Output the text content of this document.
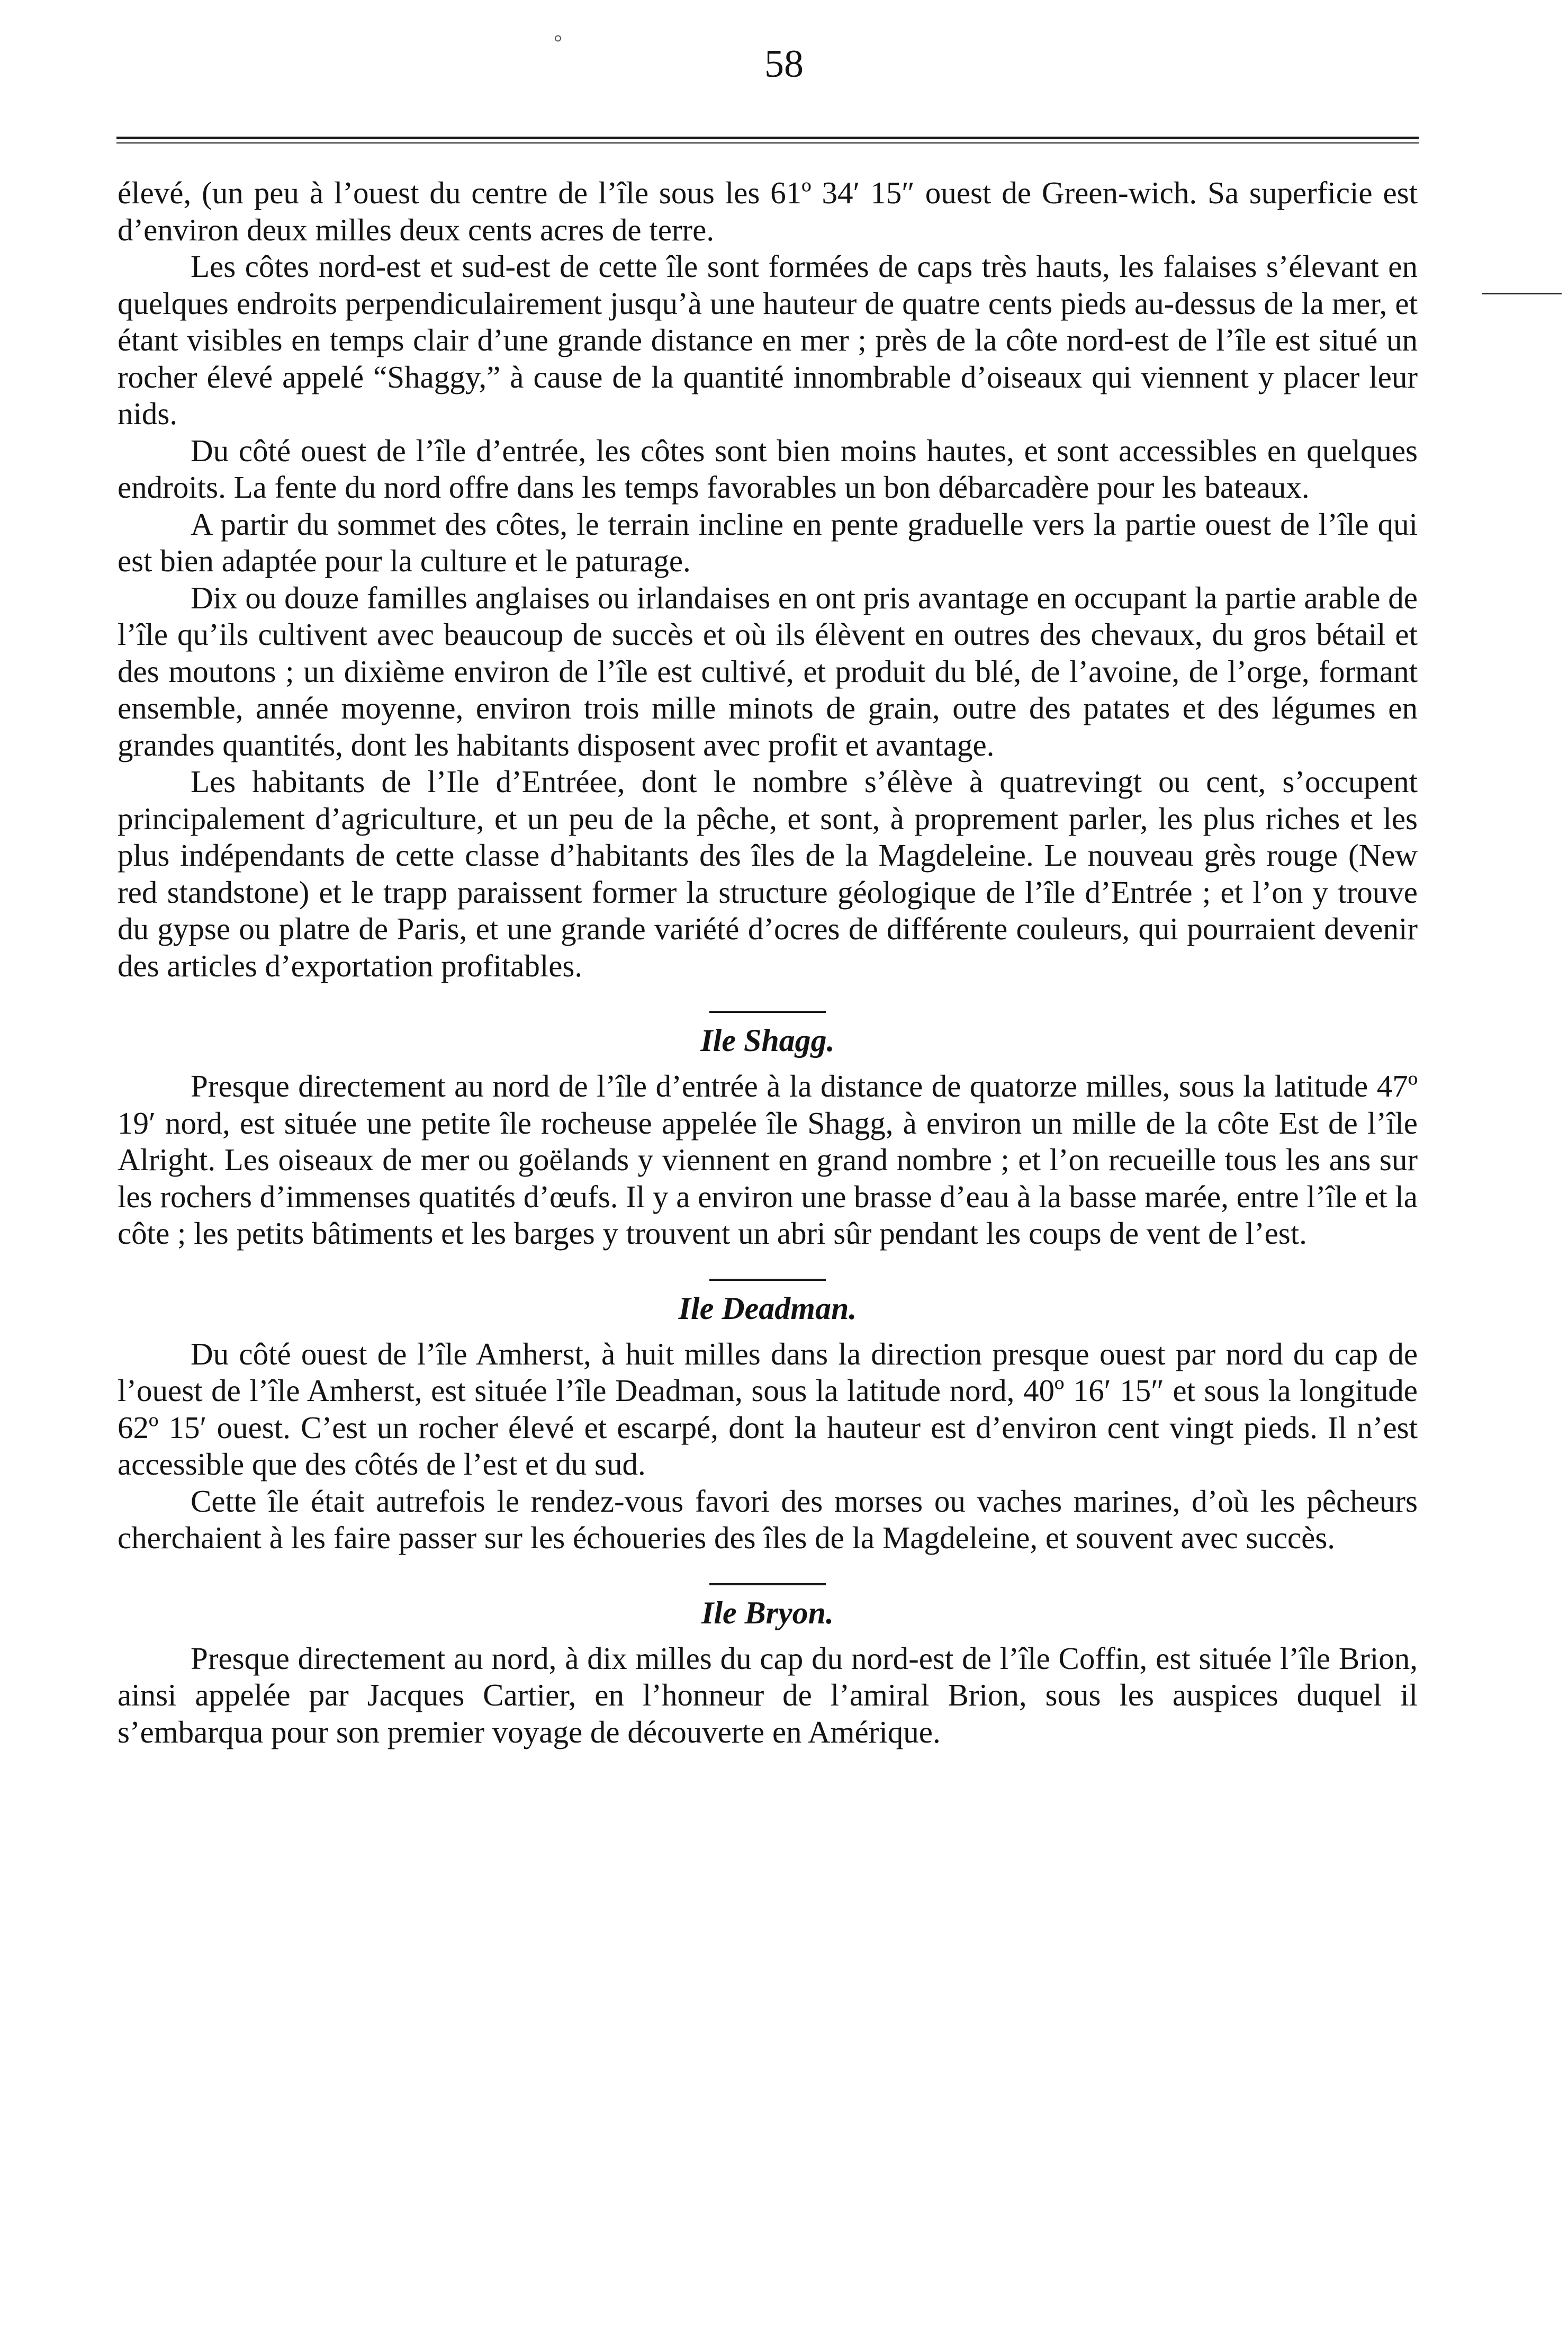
58
°

élevé, (un peu à l’ouest du centre de l’île sous les 61º 34′ 15″ ouest de Green-wich. Sa superficie est d’environ deux milles deux cents acres de terre.

Les côtes nord-est et sud-est de cette île sont formées de caps très hauts, les falaises s’élevant en quelques endroits perpendiculairement jusqu’à une hauteur de quatre cents pieds au-dessus de la mer, et étant visibles en temps clair d’une grande distance en mer ; près de la côte nord-est de l’île est situé un rocher élevé appelé “Shaggy,” à cause de la quantité innombrable d’oiseaux qui viennent y placer leur nids.

Du côté ouest de l’île d’entrée, les côtes sont bien moins hautes, et sont accessibles en quelques endroits. La fente du nord offre dans les temps favorables un bon débarcadère pour les bateaux.

A partir du sommet des côtes, le terrain incline en pente graduelle vers la partie ouest de l’île qui est bien adaptée pour la culture et le paturage.

Dix ou douze familles anglaises ou irlandaises en ont pris avantage en occupant la partie arable de l’île qu’ils cultivent avec beaucoup de succès et où ils élèvent en outres des chevaux, du gros bétail et des moutons ; un dixième environ de l’île est cultivé, et produit du blé, de l’avoine, de l’orge, formant ensemble, année moyenne, environ trois mille minots de grain, outre des patates et des légumes en grandes quantités, dont les habitants disposent avec profit et avantage.

Les habitants de l’Ile d’Entréee, dont le nombre s’élève à quatrevingt ou cent, s’occupent principalement d’agriculture, et un peu de la pêche, et sont, à proprement parler, les plus riches et les plus indépendants de cette classe d’habitants des îles de la Magdeleine. Le nouveau grès rouge (New red standstone) et le trapp paraissent former la structure géologique de l’île d’Entrée ; et l’on y trouve du gypse ou platre de Paris, et une grande variété d’ocres de différente couleurs, qui pourraient devenir des articles d’exportation profitables.

Ile Shagg.

Presque directement au nord de l’île d’entrée à la distance de quatorze milles, sous la latitude 47º 19′ nord, est située une petite île rocheuse appelée île Shagg, à environ un mille de la côte Est de l’île Alright. Les oiseaux de mer ou goëlands y viennent en grand nombre ; et l’on recueille tous les ans sur les rochers d’immenses quatités d’œufs. Il y a environ une brasse d’eau à la basse marée, entre l’île et la côte ; les petits bâtiments et les barges y trouvent un abri sûr pendant les coups de vent de l’est.

Ile Deadman.

Du côté ouest de l’île Amherst, à huit milles dans la direction presque ouest par nord du cap de l’ouest de l’île Amherst, est située l’île Deadman, sous la latitude nord, 40º 16′ 15″ et sous la longitude 62º 15′ ouest. C’est un rocher élevé et escarpé, dont la hauteur est d’environ cent vingt pieds. Il n’est accessible que des côtés de l’est et du sud.

Cette île était autrefois le rendez-vous favori des morses ou vaches marines, d’où les pêcheurs cherchaient à les faire passer sur les échoueries des îles de la Magdeleine, et souvent avec succès.

Ile Bryon.

Presque directement au nord, à dix milles du cap du nord-est de l’île Coffin, est située l’île Brion, ainsi appelée par Jacques Cartier, en l’honneur de l’amiral Brion, sous les auspices duquel il s’embarqua pour son premier voyage de découverte en Amérique.
